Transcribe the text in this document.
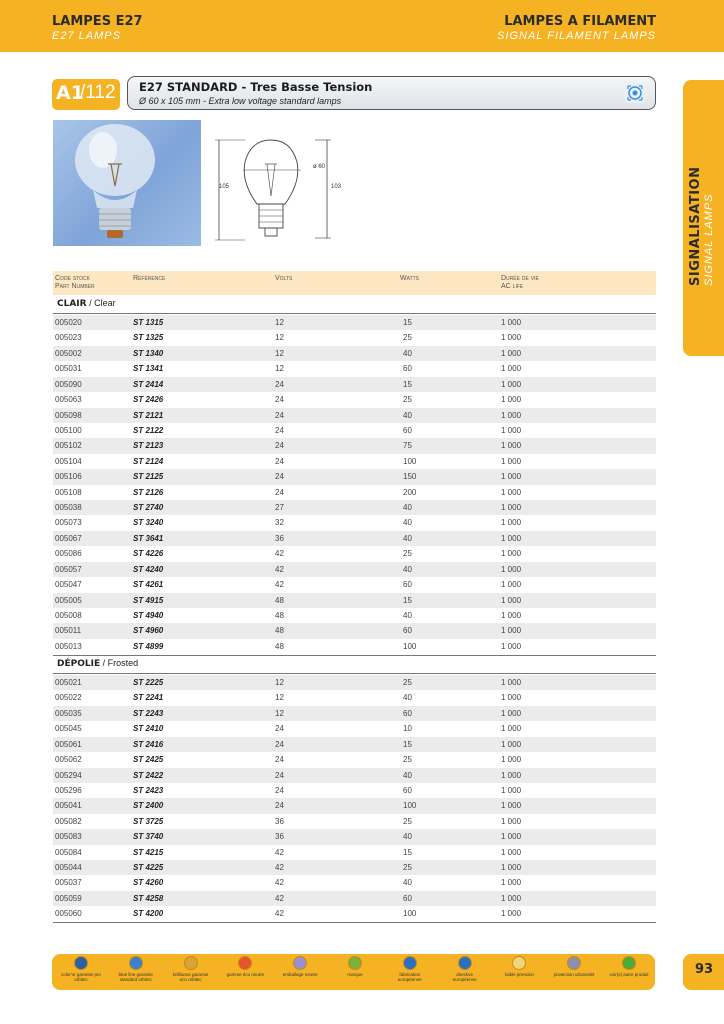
LAMPES E27
E27 LAMPS
LAMPES A FILAMENT
SIGNAL FILAMENT LAMPS
SIGNALISATION SIGNAL LAMPS
A1
/112 E27 STANDARD - Tres Basse Tension
Ø 60 x 105 mm - Extra low voltage standard lamps
ø 60
105	103
Code stock
Part Number
Référence	Volts	Watts	Durée de vie
AC life
CLAIR / Clear
005020	ST 1315	12	15	1 000
005023	ST 1325	12	25	1 000
005002	ST 1340	12	40	1 000
005031	ST 1341	12	60	1 000
005090	ST 2414	24	15	1 000
005063	ST 2426	24	25	1 000
005098	ST 2121	24	40	1 000
005100	ST 2122	24	60	1 000
005102	ST 2123	24	75	1 000
005104	ST 2124	24	100	1 000
005106	ST 2125	24	150	1 000
005108	ST 2126	24	200	1 000
005038	ST 2740	27	40	1 000
005073	ST 3240	32	40	1 000
005067	ST 3641	36	40	1 000
005086	ST 4226	42	25	1 000
005057	ST 4240	42	40	1 000
005047	ST 4261	42	60	1 000
005005	ST 4915	48	15	1 000
005008	ST 4940	48	40	1 000
005011	ST 4960	48	60	1 000
005013	ST 4899	48	100	1 000
DÉPOLIE / Frosted
005021	ST 2225	12	25	1 000
005022	ST 2241	12	40	1 000
005035	ST 2243	12	60	1 000
005045	ST 2410	24	10	1 000
005061	ST 2416	24	15	1 000
005062	ST 2425	24	25	1 000
005294	ST 2422	24	40	1 000
005296	ST 2423	24	60	1 000
005041	ST 2400	24	100	1 000
005082	ST 3725	36	25	1 000
005083	ST 3740	36	40	1 000
005084	ST 4215	42	15	1 000
005044	ST 4225	42	25	1 000
005037	ST 4260	42	40	1 000
005059	ST 4258	42	60	1 000
005060	ST 4200	42	100	1 000
color'or garantie pro orbitec
blue line garantie standard orbitec
brilliance garantie eco orbitec
gamme éco neutre	emballage neutre	marque	fabrication européenne
directive européenne
faible pression	protection ultraviolet	voir(s) autre produit	93
